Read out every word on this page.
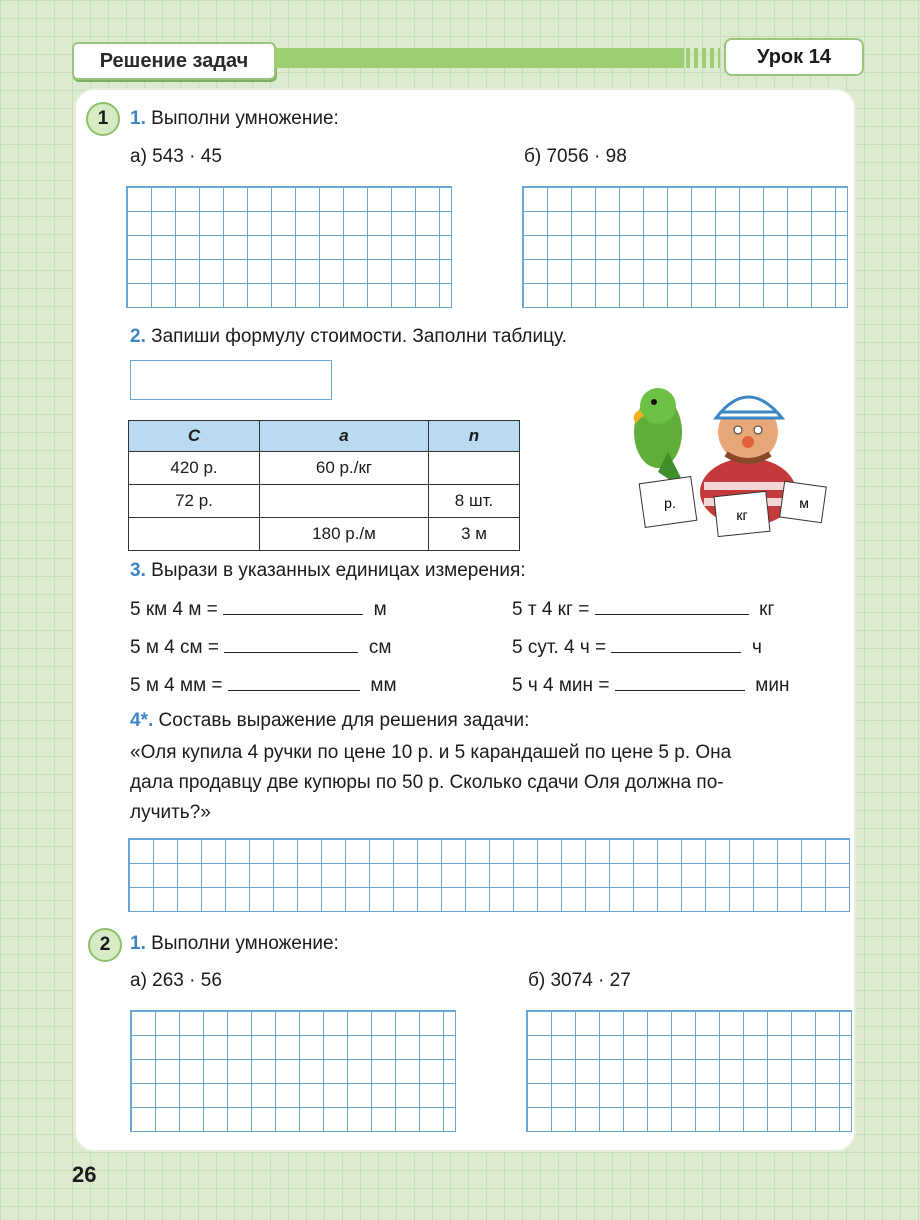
Решение задач	Урок 14
1	1. Выполни умножение:
а) 543 · 45	б) 7056 · 98
2. Запиши формулу стоимости. Заполни таблицу.
C	a	n
420 р.	60 р./кг	
72 р.		8 шт.
	180 р./м	3 м
р.
кг
м
3. Вырази в указанных единицах измерения:
5 км 4 м =	м	5 т 4 кг =	кг
5 м 4 см =	см	5 сут. 4 ч =	ч
5 м 4 мм =	мм	5 ч 4 мин =	мин
4*. Составь выражение для решения задачи:
«Оля купила 4 ручки по цене 10 р. и 5 карандашей по цене 5 р. Она
дала продавцу две купюры по 50 р. Сколько сдачи Оля должна по-
лучить?»
2	1. Выполни умножение:
а) 263 · 56	б) 3074 · 27
26
